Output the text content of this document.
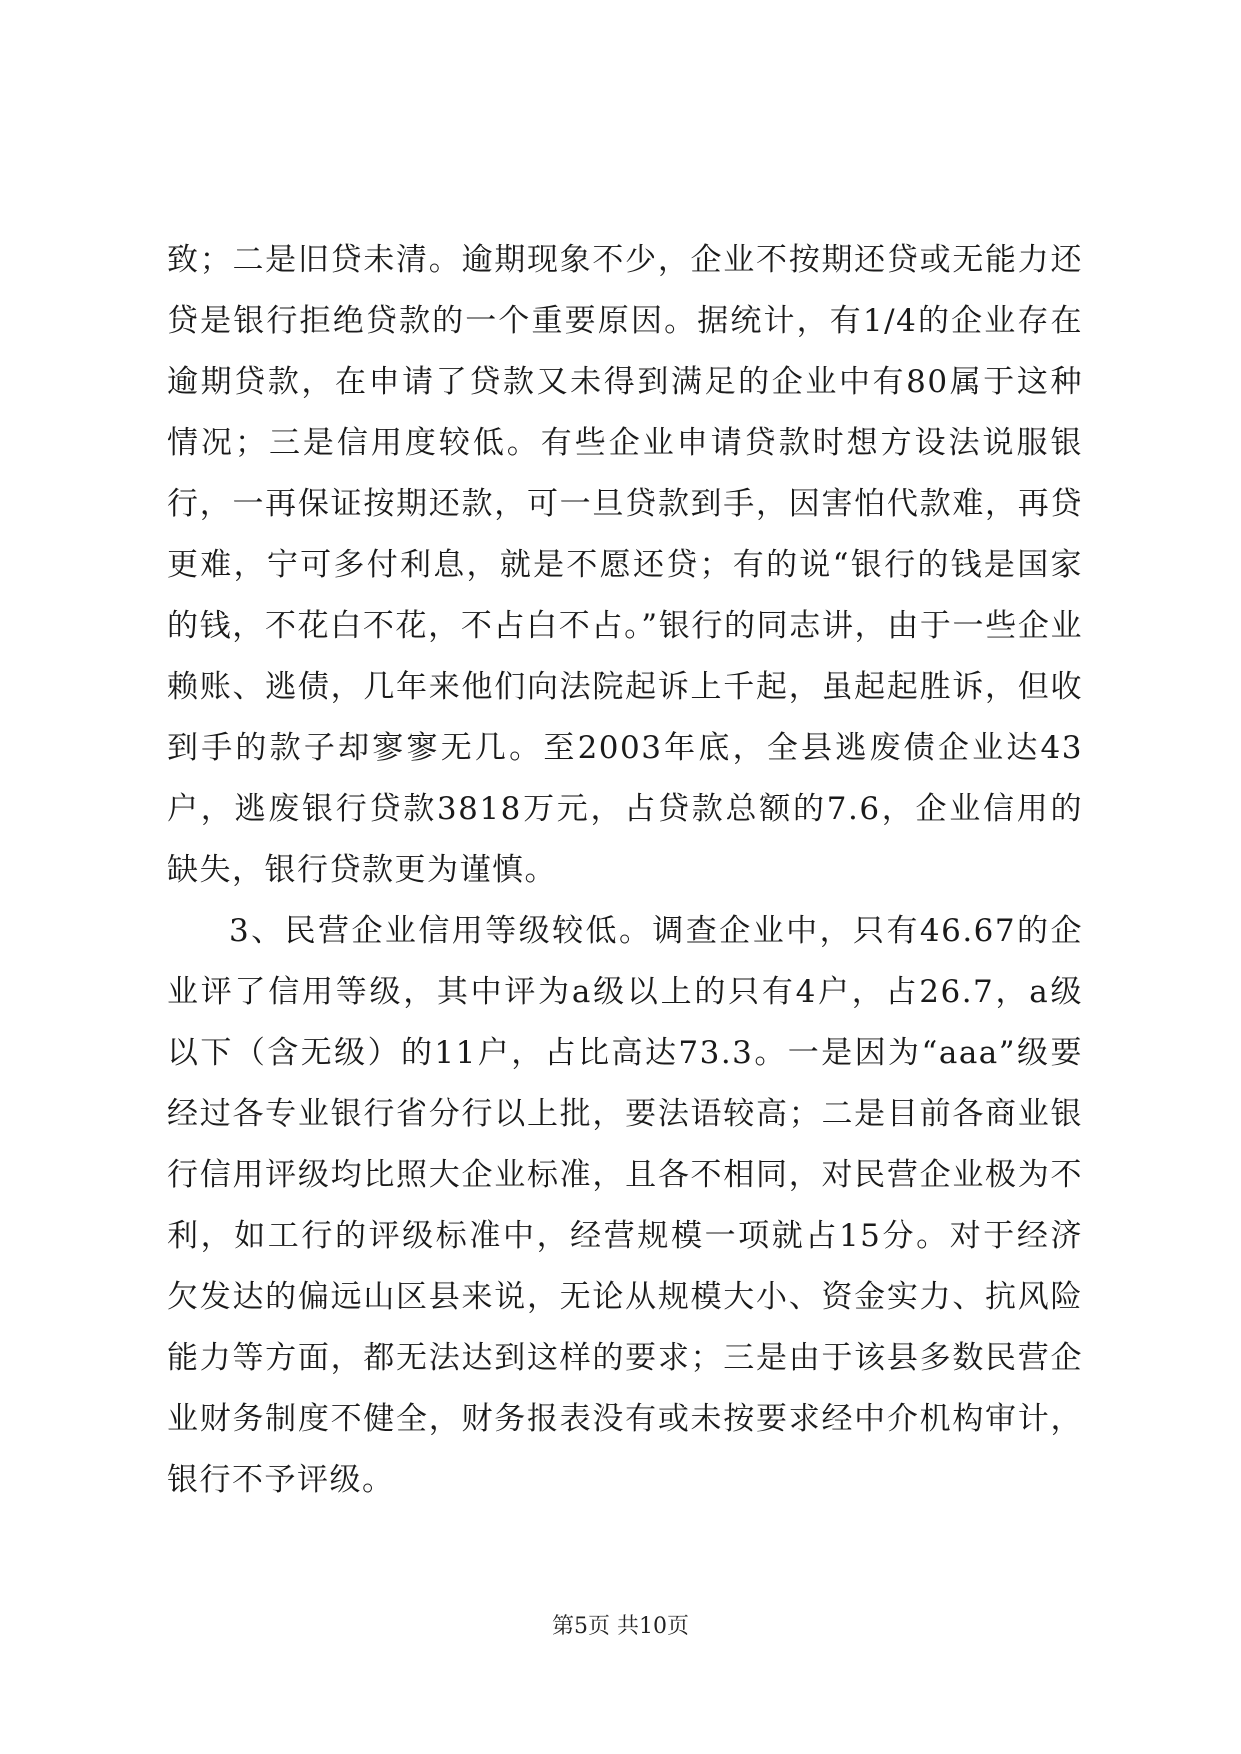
致；二是旧贷未清。逾期现象不少，企业不按期还贷或无能力还贷是银行拒绝贷款的一个重要原因。据统计，有1/4的企业存在逾期贷款，在申请了贷款又未得到满足的企业中有80属于这种情况；三是信用度较低。有些企业申请贷款时想方设法说服银行，一再保证按期还款，可一旦贷款到手，因害怕代款难，再贷更难，宁可多付利息，就是不愿还贷；有的说“银行的钱是国家的钱，不花白不花，不占白不占。”银行的同志讲，由于一些企业赖账、逃债，几年来他们向法院起诉上千起，虽起起胜诉，但收到手的款子却寥寥无几。至2003年底，全县逃废债企业达43户，逃废银行贷款3818万元，占贷款总额的7.6，企业信用的缺失，银行贷款更为谨慎。

3、民营企业信用等级较低。调查企业中，只有46.67的企业评了信用等级，其中评为a级以上的只有4户，占26.7，a级以下（含无级）的11户，占比高达73.3。一是因为“aaa”级要经过各专业银行省分行以上批，要法语较高；二是目前各商业银行信用评级均比照大企业标准，且各不相同，对民营企业极为不利，如工行的评级标准中，经营规模一项就占15分。对于经济欠发达的偏远山区县来说，无论从规模大小、资金实力、抗风险能力等方面，都无法达到这样的要求；三是由于该县多数民营企业财务制度不健全，财务报表没有或未按要求经中介机构审计，银行不予评级。

第5页 共10页
